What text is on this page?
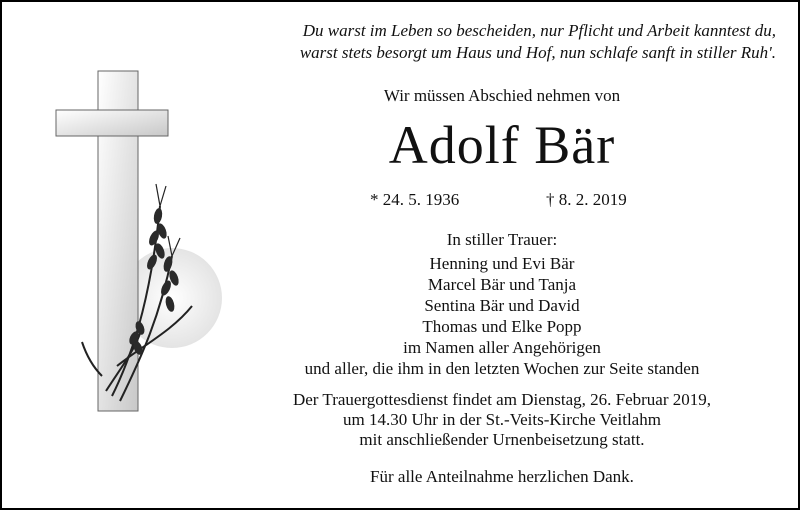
Du warst im Leben so bescheiden, nur Pflicht und Arbeit kanntest du,
warst stets besorgt um Haus und Hof, nun schlafe sanft in stiller Ruh'.
Wir müssen Abschied nehmen von
Adolf Bär
* 24. 5. 1936	† 8. 2. 2019
In stiller Trauer:
Henning und Evi Bär
Marcel Bär und Tanja
Sentina Bär und David
Thomas und Elke Popp
im Namen aller Angehörigen
und aller, die ihm in den letzten Wochen zur Seite standen
Der Trauergottesdienst findet am Dienstag, 26. Februar 2019,
um 14.30 Uhr in der St.-Veits-Kirche Veitlahm
mit anschließender Urnenbeisetzung statt.
Für alle Anteilnahme herzlichen Dank.
